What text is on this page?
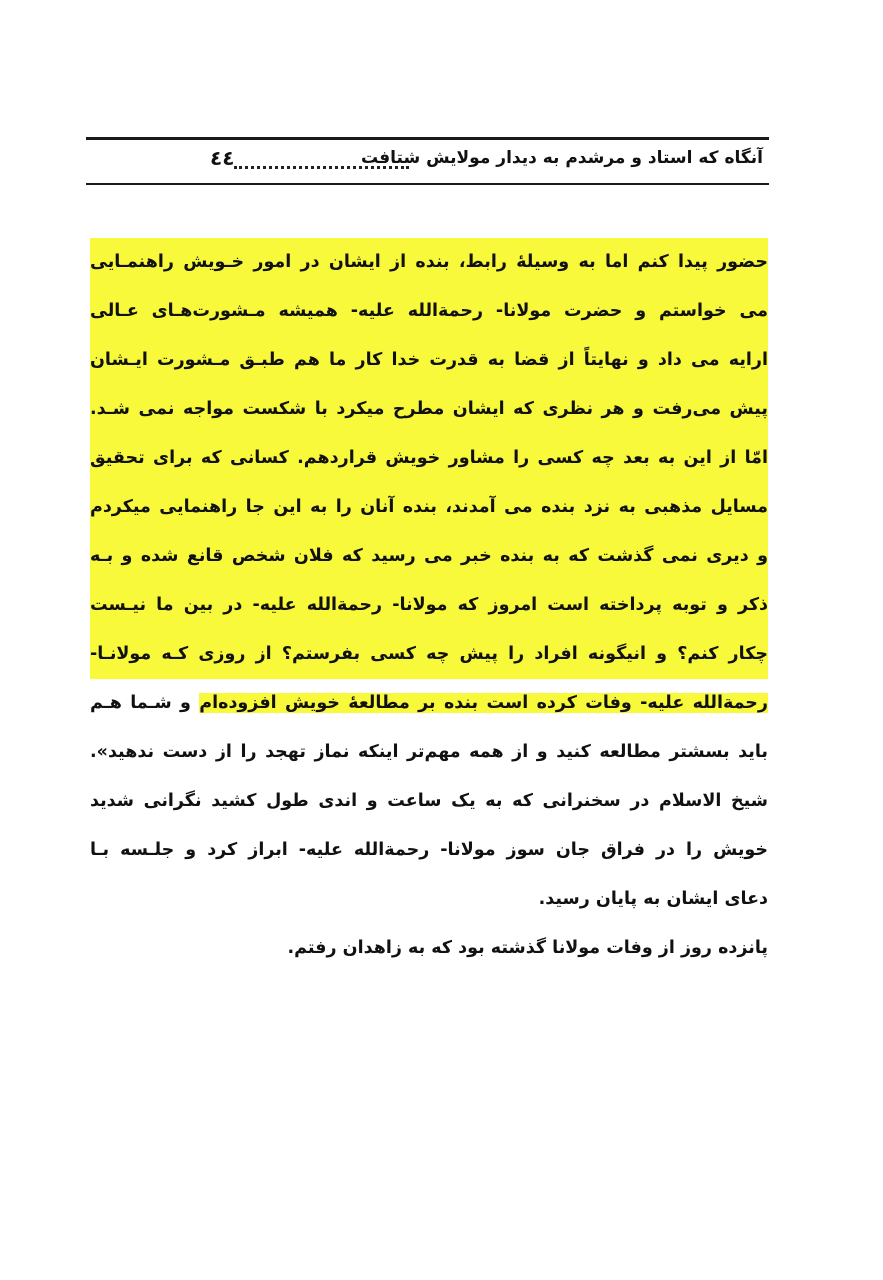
آنگاه که استاد و مرشدم به دیدار مولایش شتافت
٤٤
حضور پیدا کنم اما به وسیلهٔ رابط، بنده از ایشان در امور خـویش راهنمـایی
می خواستم و حضرت مولانا- رحمةالله علیه- همیشه مـشورت‌هـای عـالی
ارایه می داد و نهایتاً از قضا به قدرت خدا کار ما هم طبـق مـشورت ایـشان
پیش می‌رفت و هر نظری که ایشان مطرح میکرد با شکست مواجه نمی شـد.
امّا از این به بعد چه کسی را مشاور خویش قراردهم. کسانی که برای تحقیق
مسایل مذهبی به نزد بنده می آمدند، بنده آنان را به این جا راهنمایی میکردم
و دیری نمی گذشت که به بنده خبر می رسید که فلان شخص قانع شده و بـه
ذکر و توبه پرداخته است امروز که مولانا- رحمةالله علیه- در بین ما نیـست
چکار کنم؟ و انیگونه افراد را پیش چه کسی بفرستم؟ از روزی کـه مولانـا-
رحمةالله علیه- وفات کرده است بنده بر مطالعهٔ خویش افزوده‌ام و شـما هـم
باید بسشتر مطالعه کنید و از همه مهم‌تر اینکه نماز تهجد را از دست ندهید».
شیخ الاسلام در سخنرانی که به یک ساعت و اندی طول کشید نگرانی شدید
خویش را در فراق جان سوز مولانا- رحمةالله علیه- ابراز کرد و جلـسه بـا
دعای ایشان به پایان رسید.
پانزده روز از وفات مولانا گذشته بود که به زاهدان رفتم.
